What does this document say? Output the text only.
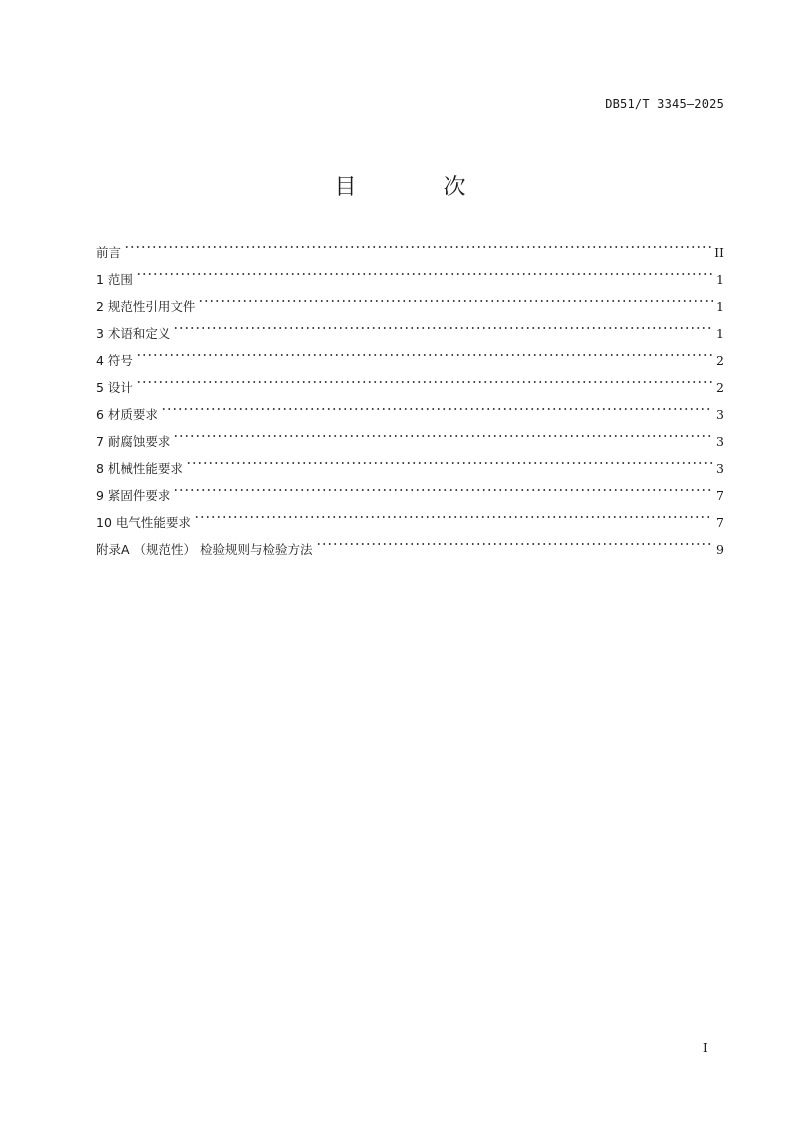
DB51/T 3345—2025
目 次
前言	II
1 范围	1
2 规范性引用文件	1
3 术语和定义	1
4 符号	2
5 设计	2
6 材质要求	3
7 耐腐蚀要求	3
8 机械性能要求	3
9 紧固件要求	7
10 电气性能要求	7
附录A （规范性） 检验规则与检验方法	9
I
